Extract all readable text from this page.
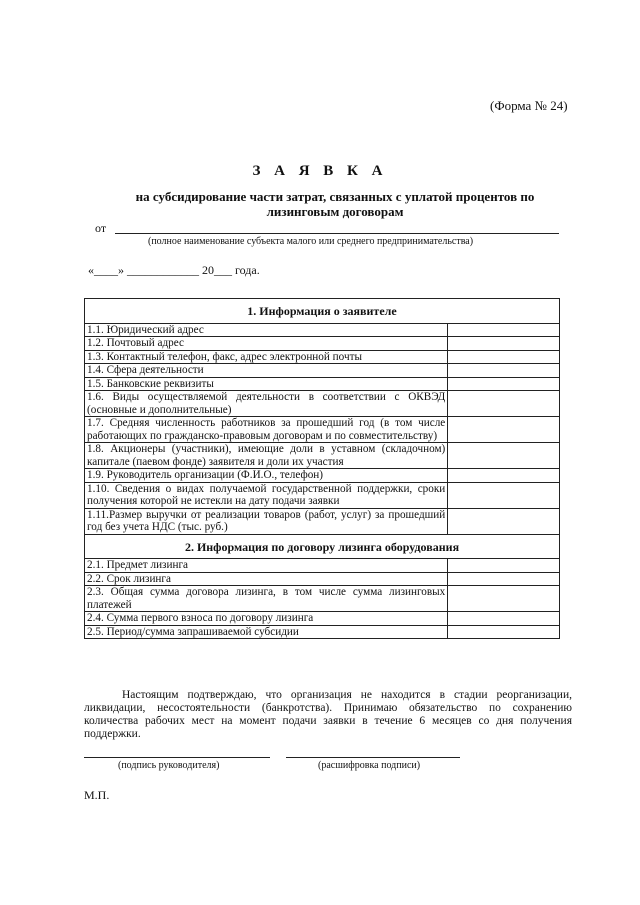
(Форма № 24)
З А Я В К А
на субсидирование части затрат, связанных с уплатой процентов по лизинговым договорам
от
(полное наименование субъекта малого или среднего предпринимательства)
«____» ____________ 20___ года.
1. Информация о заявителе	
1.1. Юридический адрес	
1.2. Почтовый адрес	
1.3. Контактный телефон, факс, адрес электронной почты	
1.4. Сфера деятельности	
1.5. Банковские реквизиты	
1.6. Виды осуществляемой деятельности в соответствии с ОКВЭД (основные и дополнительные)	
1.7. Средняя численность работников за прошедший год (в том числе работающих по гражданско-правовым договорам и по совместительству)	
1.8. Акционеры (участники), имеющие доли в уставном (складочном) капитале (паевом фонде) заявителя и доли их участия	
1.9. Руководитель организации (Ф.И.О., телефон)	
1.10. Сведения о видах получаемой государственной поддержки, сроки получения которой не истекли на дату подачи заявки	
1.11.Размер выручки от реализации товаров (работ, услуг) за прошедший год без учета НДС (тыс. руб.)	
2. Информация по договору лизинга оборудования	
2.1. Предмет лизинга	
2.2. Срок лизинга	
2.3. Общая сумма договора лизинга, в том числе сумма лизинговых платежей	
2.4. Сумма первого взноса по договору лизинга	
2.5. Период/сумма запрашиваемой субсидии	
Настоящим подтверждаю, что организация не находится в стадии реорганизации, ликвидации, несостоятельности (банкротства). Принимаю обязательство по сохранению количества рабочих мест на момент подачи заявки в течение 6 месяцев со дня получения поддержки.
(подпись руководителя)	(расшифровка подписи)
М.П.
